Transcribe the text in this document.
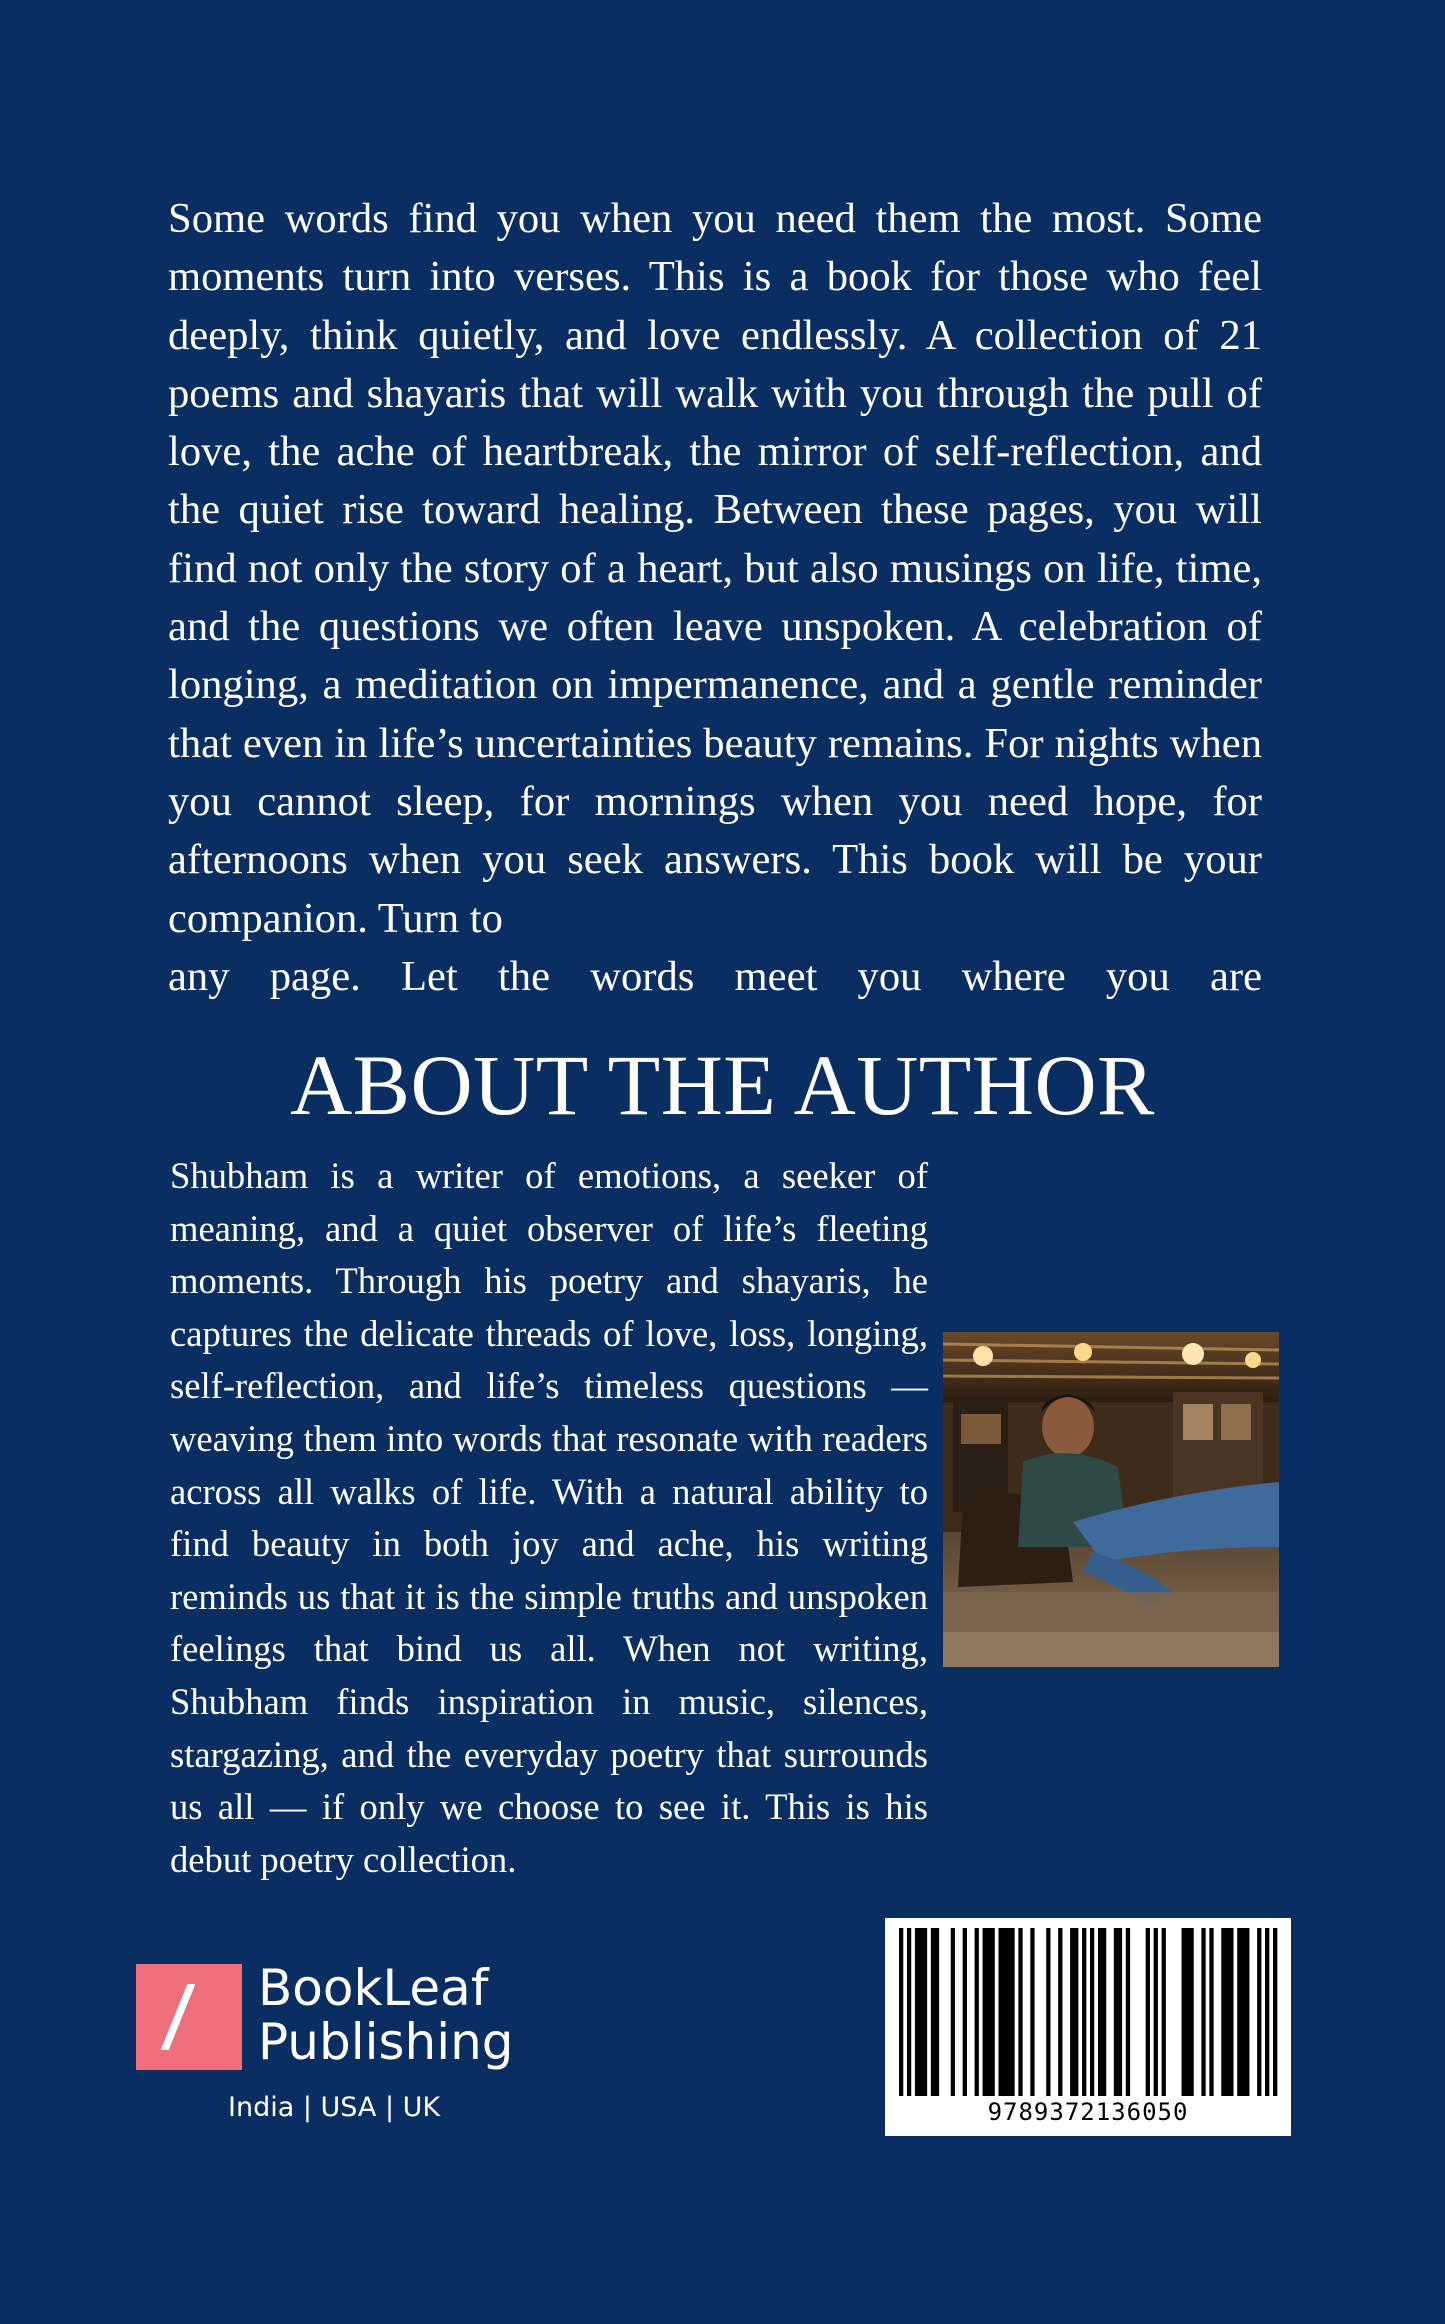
Some words find you when you need them the most. Some moments turn into verses. This is a book for those who feel deeply, think quietly, and love endlessly. A collection of 21 poems and shayaris that will walk with you through the pull of love, the ache of heartbreak, the mirror of self-reflection, and the quiet rise toward healing. Between these pages, you will find not only the story of a heart, but also musings on life, time, and the questions we often leave unspoken. A celebration of longing, a meditation on impermanence, and a gentle reminder that even in life’s uncertainties beauty remains. For nights when you cannot sleep, for mornings when you need hope, for afternoons when you seek answers. This book will be your companion. Turn to
any page. Let the words meet you where you are

ABOUT THE AUTHOR

Shubham is a writer of emotions, a seeker of meaning, and a quiet observer of life’s fleeting moments. Through his poetry and shayaris, he captures the delicate threads of love, loss, longing, self-reflection, and life’s timeless questions — weaving them into words that resonate with readers across all walks of life. With a natural ability to find beauty in both joy and ache, his writing reminds us that it is the simple truths and unspoken feelings that bind us all. When not writing, Shubham finds inspiration in music, silences, stargazing, and the everyday poetry that surrounds us all — if only we choose to see it. This is his debut poetry collection.

BookLeaf
Publishing
India | USA | UK	9789372136050
